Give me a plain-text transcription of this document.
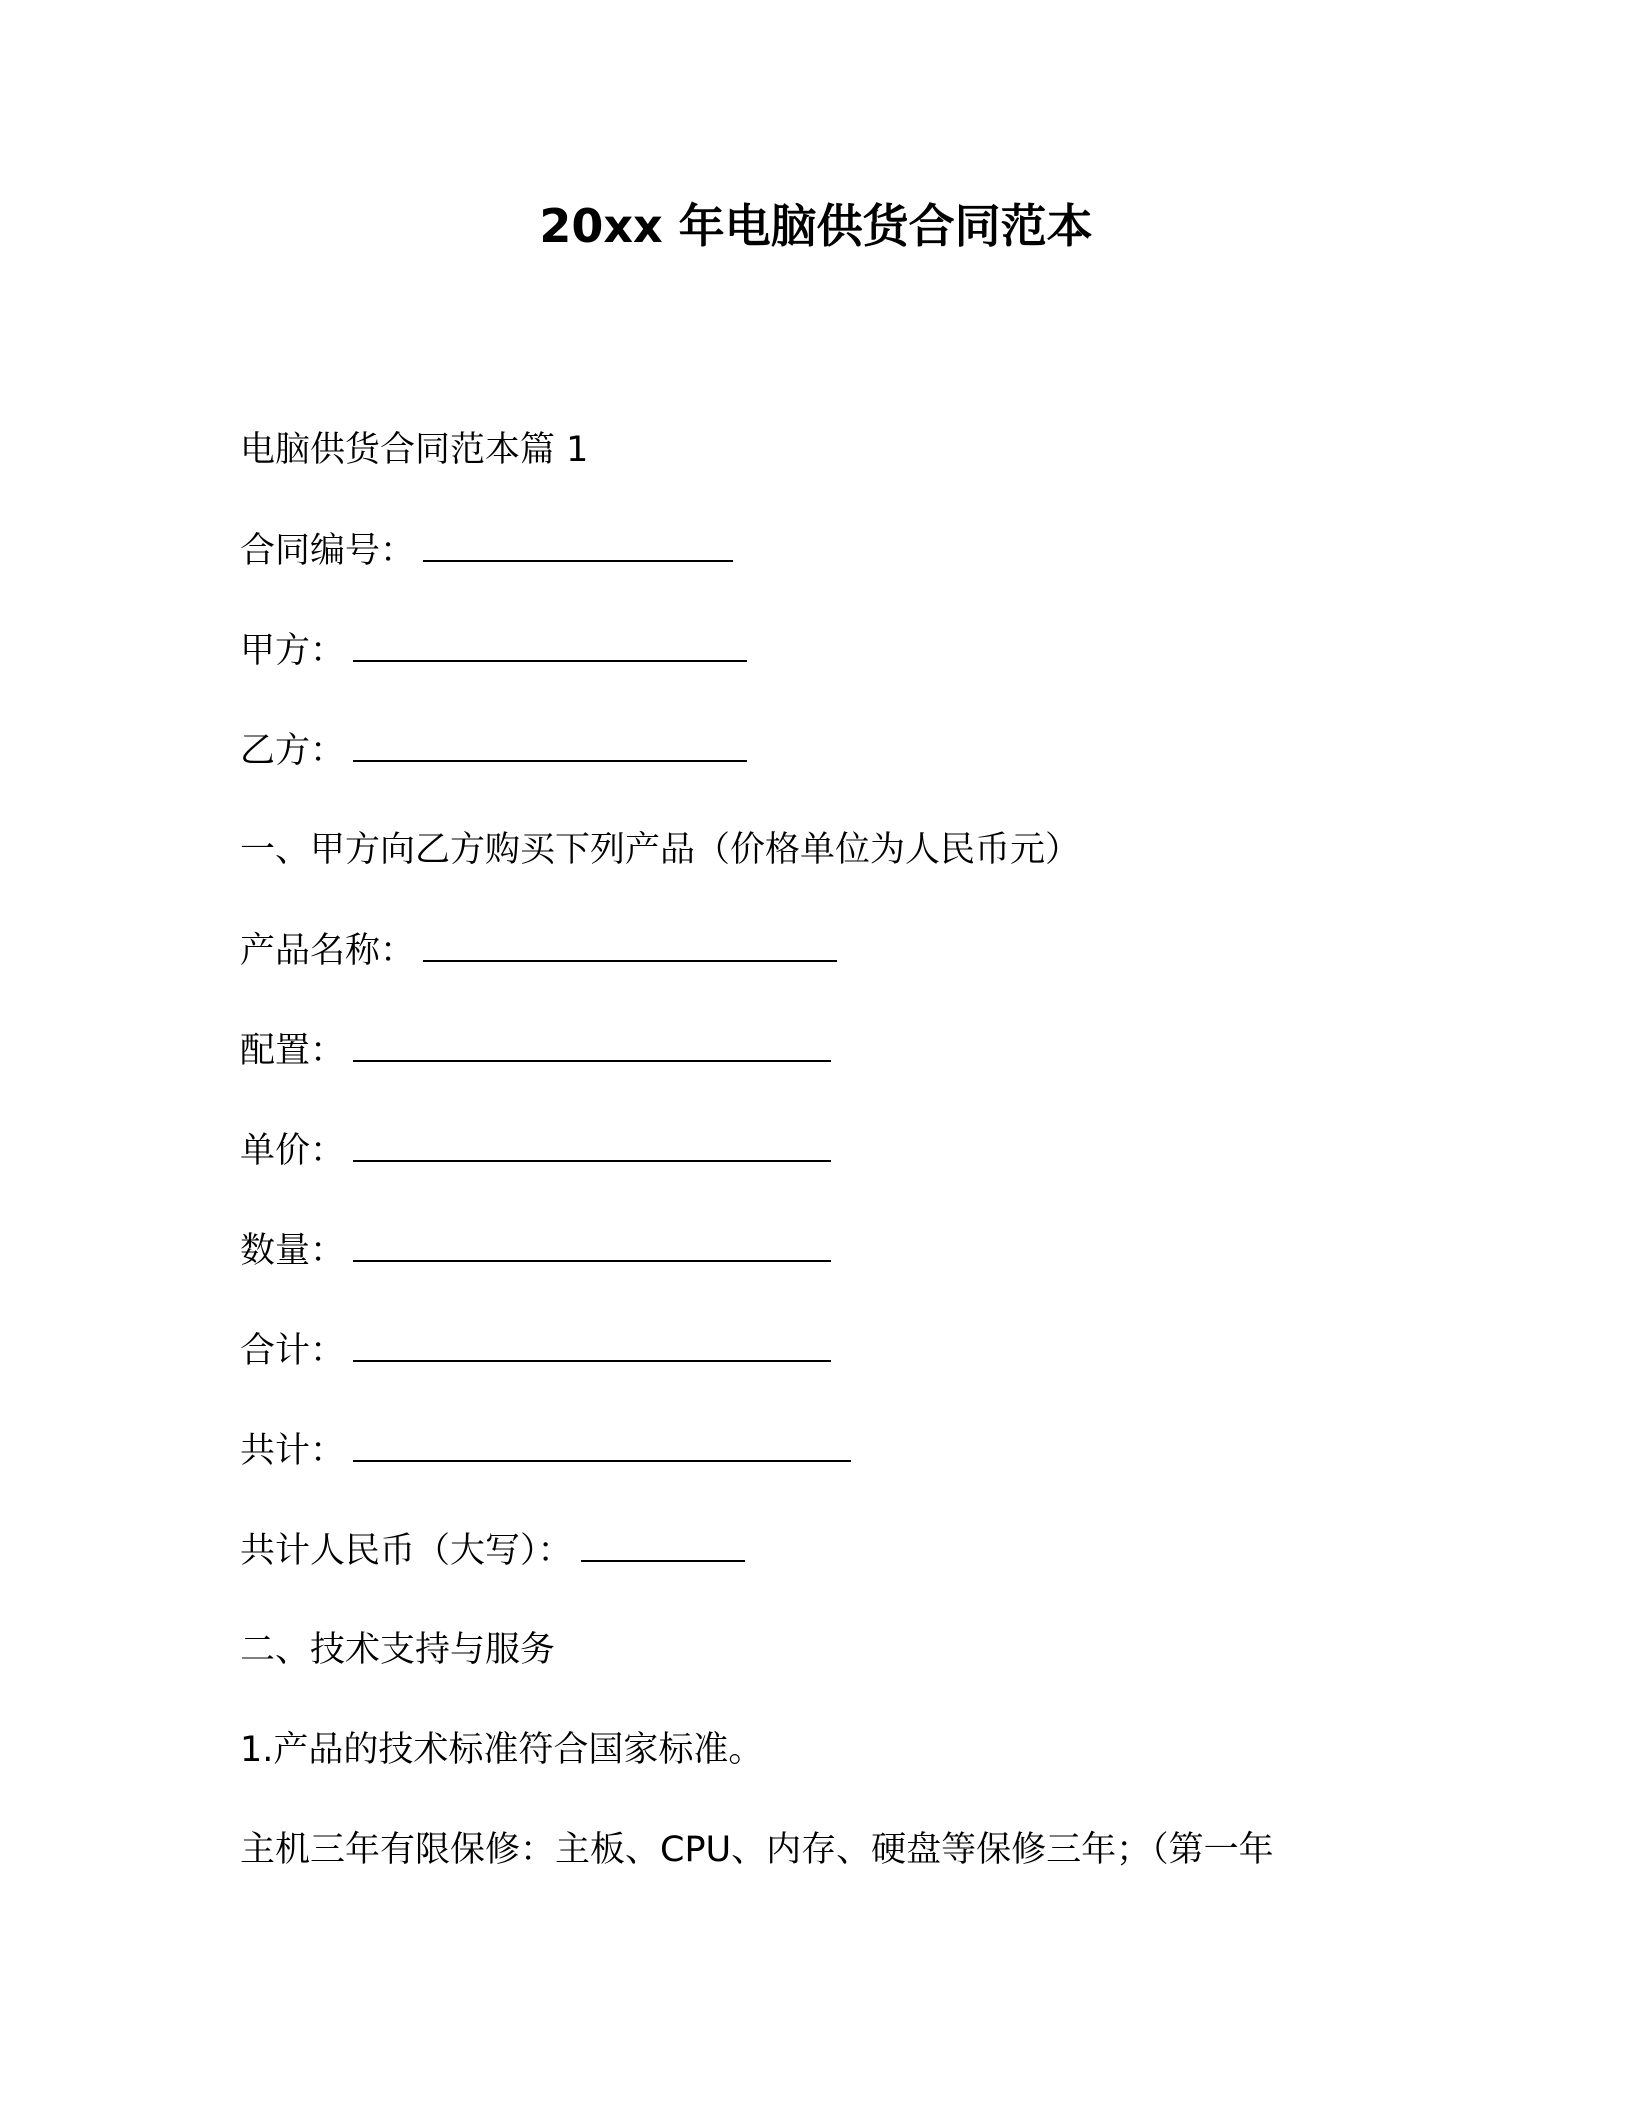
20xx 年电脑供货合同范本
电脑供货合同范本篇 1
合同编号：
甲方：
乙方：
一、甲方向乙方购买下列产品（价格单位为人民币元）
产品名称：
配置：
单价：
数量：
合计：
共计：
共计人民币（大写）：
二、技术支持与服务
1.产品的技术标准符合国家标准。
主机三年有限保修：主板、CPU、内存、硬盘等保修三年；（第一年
